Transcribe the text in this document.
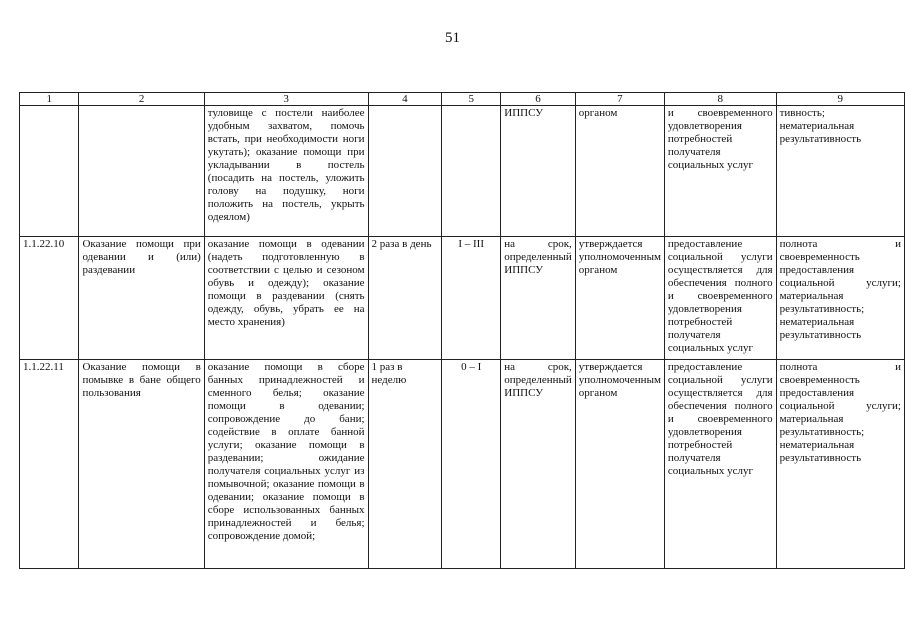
51
1	2	3	4	5	6	7	8	9
		туловище с постели наиболее удобным захватом, помочь встать, при необходимости ноги укутать); оказание помощи при укладывании в постель (посадить на постель, уложить голову на подушку, ноги положить на постель, укрыть одеялом)			ИППСУ	органом	и своевременного удовлетворения потребностей получателя социальных услуг	тивность; нематериальная результативность
1.1.22.10	Оказание помощи при одевании и (или) раздевании	оказание помощи в одевании (надеть подготовленную в соответствии с целью и сезоном обувь и одежду); оказание помощи в раздевании (снять одежду, обувь, убрать ее на место хранения)	2 раза в день	I – III	на срок, определенный ИППСУ	утверждается уполномоченным органом	предоставление социальной услуги осуществляется для обеспечения полного и своевременного удовлетворения потребностей получателя социальных услуг	полнота и своевременность предоставления социальной услуги; материальная результативность; нематериальная результативность
1.1.22.11	Оказание помощи в помывке в бане общего пользования	оказание помощи в сборе банных принадлежностей и сменного белья; оказание помощи в одевании; сопровождение до бани; содействие в оплате банной услуги; оказание помощи в раздевании; ожидание получателя социальных услуг из помывочной; оказание помощи в одевании; оказание помощи в сборе использованных банных принадлежностей и белья; сопровождение домой;	1 раз в неделю	0 – I	на срок, определенный ИППСУ	утверждается уполномоченным органом	предоставление социальной услуги осуществляется для обеспечения полного и своевременного удовлетворения потребностей получателя социальных услуг	полнота и своевременность предоставления социальной услуги; материальная результативность; нематериальная результативность
